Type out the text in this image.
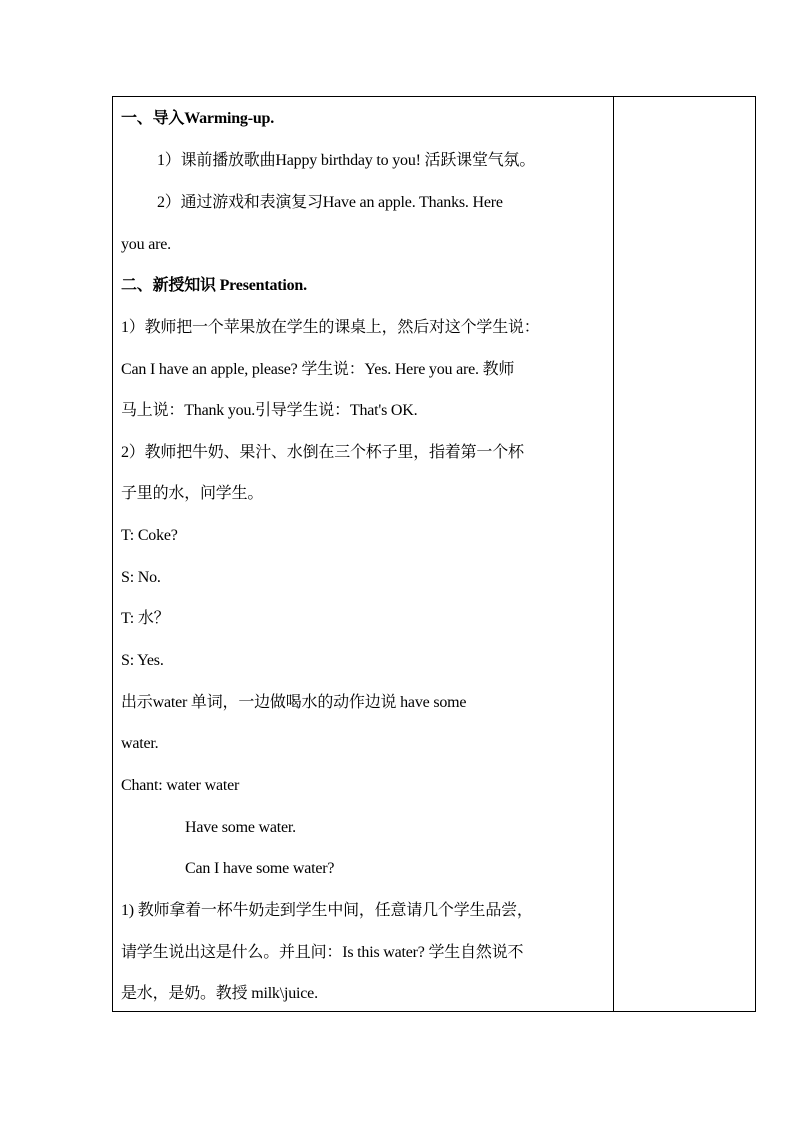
一、导入Warming-up.
1）课前播放歌曲Happy birthday to you! 活跃课堂气氛。
2）通过游戏和表演复习Have an apple. Thanks. Here
you are.
二、新授知识 Presentation.
1）教师把一个苹果放在学生的课桌上，然后对这个学生说：
Can I have an apple, please? 学生说：Yes. Here you are. 教师
马上说：Thank you.引导学生说：That's OK.
2）教师把牛奶、果汁、水倒在三个杯子里，指着第一个杯
子里的水，问学生。
T: Coke?
S: No.
T: 水？
S: Yes.
出示water 单词，一边做喝水的动作边说 have some
water.
Chant: water water
Have some water.
Can I have some water?
1) 教师拿着一杯牛奶走到学生中间，任意请几个学生品尝，
请学生说出这是什么。并且问：Is this water? 学生自然说不
是水，是奶。教授 milk\juice.
